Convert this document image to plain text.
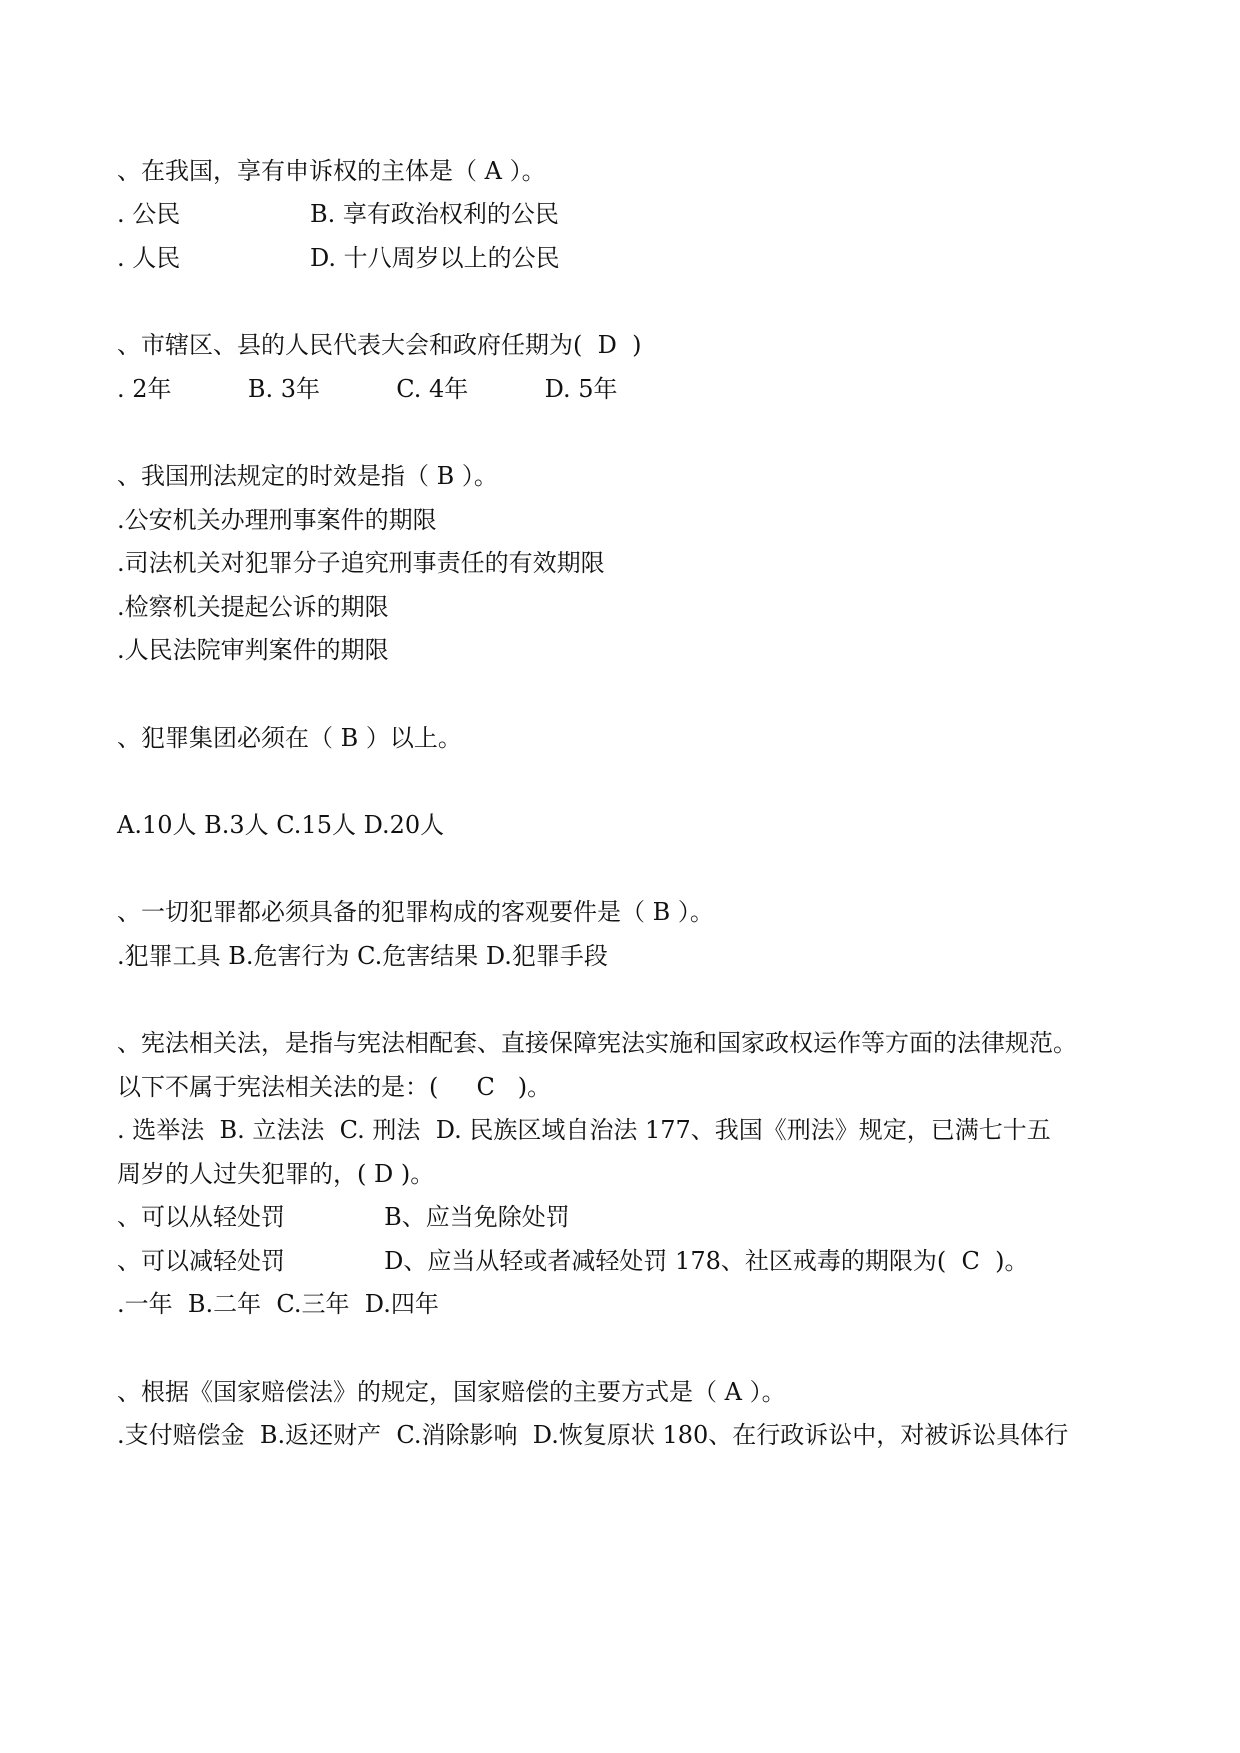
、在我国，享有申诉权的主体是（ A ）。
. 公民                 B. 享有政治权利的公民
. 人民                 D. 十八周岁以上的公民
、市辖区、县的人民代表大会和政府任期为(  D  )
. 2年          B. 3年          C. 4年          D. 5年
、我国刑法规定的时效是指（ B ）。
.公安机关办理刑事案件的期限
.司法机关对犯罪分子追究刑事责任的有效期限
.检察机关提起公诉的期限
.人民法院审判案件的期限
、犯罪集团必须在（ B ）以上。
A.10人 B.3人 C.15人 D.20人
、一切犯罪都必须具备的犯罪构成的客观要件是（ B ）。
.犯罪工具 B.危害行为 C.危害结果 D.犯罪手段
、宪法相关法，是指与宪法相配套、直接保障宪法实施和国家政权运作等方面的法律规范。
以下不属于宪法相关法的是：(     C   )。
. 选举法  B. 立法法  C. 刑法  D. 民族区域自治法 177、我国《刑法》规定，已满七十五
周岁的人过失犯罪的，( D )。
、可以从轻处罚             B、应当免除处罚
、可以减轻处罚             D、应当从轻或者减轻处罚 178、社区戒毒的期限为(  C  )。
.一年  B.二年  C.三年  D.四年
、根据《国家赔偿法》的规定，国家赔偿的主要方式是（ A ）。
.支付赔偿金  B.返还财产  C.消除影响  D.恢复原状 180、在行政诉讼中，对被诉讼具体行
